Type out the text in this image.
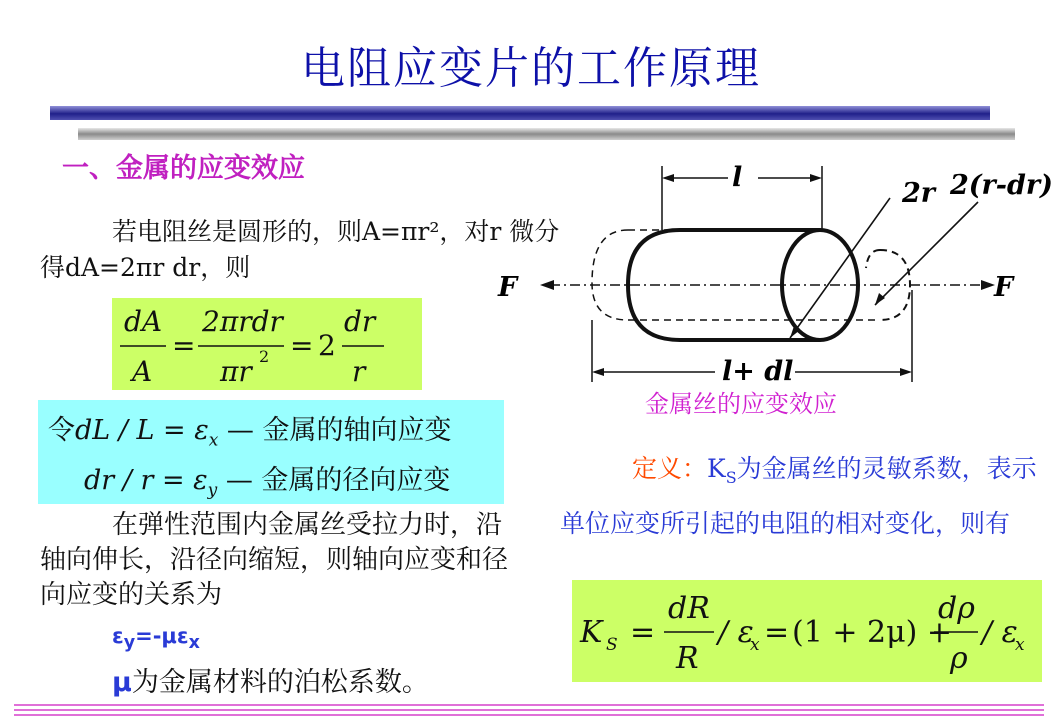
电阻应变片的工作原理
一、金属的应变效应
若电阻丝是圆形的，则A=πr²，对r 微分得dA=2πr dr，则
dA
A
2πrdr
πr
dr
r
2 2
=	=
令dL / $L = \varepsilon_x$ — 金属的轴向应变
dr / $r = \varepsilon_y$ — 金属的径向应变
在弹性范围内金属丝受拉力时，沿轴向伸长，沿径向缩短，则轴向应变和径向应变的关系为
$\varepsilon_y=-\mu\varepsilon_x$
μ为金属材料的泊松系数。
l
2r 2(r-dr)
F	F
l+ dl
金属丝的应变效应
定义：$K_S$为金属丝的灵敏系数，表示单位应变所引起的电阻的相对变化，则有
K S =
dR
R
/ ε
x = (1 + 2μ) +
dρ
ρ
/ ε
x
